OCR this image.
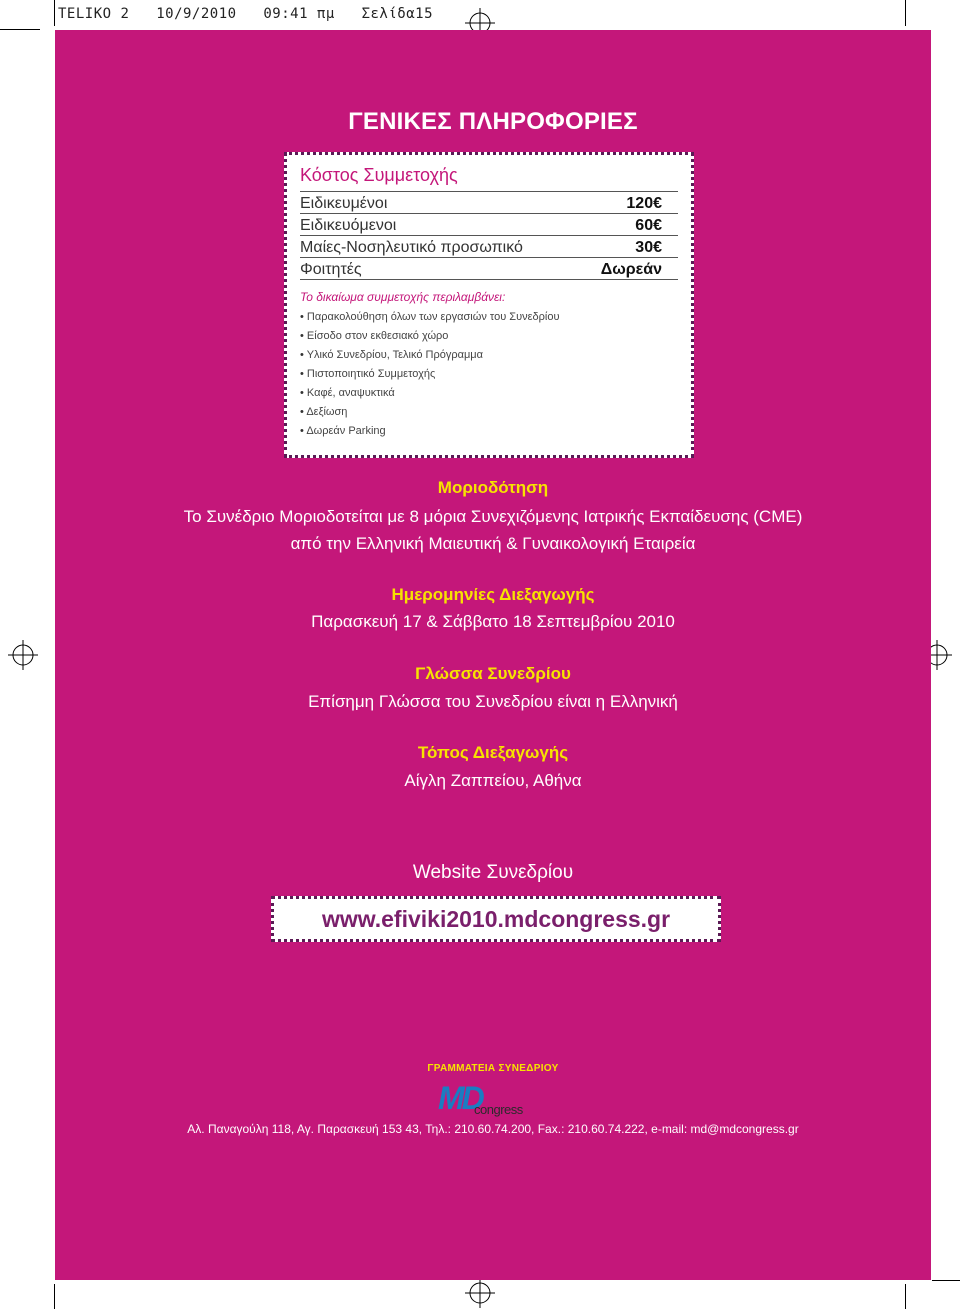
TELIKO 2   10/9/2010   09:41 πμ   Σελίδα15
ΓΕΝΙΚΕΣ ΠΛΗΡΟΦΟΡΙΕΣ
Κόστος Συμμετοχής
Ειδικευμένοι	120€
Ειδικευόμενοι	60€
Μαίες-Νοσηλευτικό προσωπικό	30€
Φοιτητές	Δωρεάν
Το δικαίωμα συμμετοχής περιλαμβάνει:
• Παρακολούθηση όλων των εργασιών του Συνεδρίου
• Είσοδο στον εκθεσιακό χώρο
• Υλικό Συνεδρίου, Τελικό Πρόγραμμα
• Πιστοποιητικό Συμμετοχής
• Καφέ, αναψυκτικά
• Δεξίωση
• Δωρεάν Parking
Μοριοδότηση
Το Συνέδριο Μοριοδοτείται με 8 μόρια Συνεχιζόμενης Ιατρικής Εκπαίδευσης (CME)
από την Ελληνική Μαιευτική & Γυναικολογική Εταιρεία
Ημερομηνίες Διεξαγωγής
Παρασκευή 17 & Σάββατο 18 Σεπτεμβρίου 2010
Γλώσσα Συνεδρίου
Επίσημη Γλώσσα του Συνεδρίου είναι η Ελληνική
Τόπος Διεξαγωγής
Αίγλη Ζαππείου, Αθήνα
Website Συνεδρίου
www.efiviki2010.mdcongress.gr
ΓΡΑΜΜΑΤΕΙΑ ΣΥΝΕΔΡΙΟΥ
MD
congress
Aλ. Παναγούλη 118, Αγ. Παρασκευή 153 43, Τηλ.: 210.60.74.200, Fax.: 210.60.74.222, e-mail: md@mdcongress.gr
